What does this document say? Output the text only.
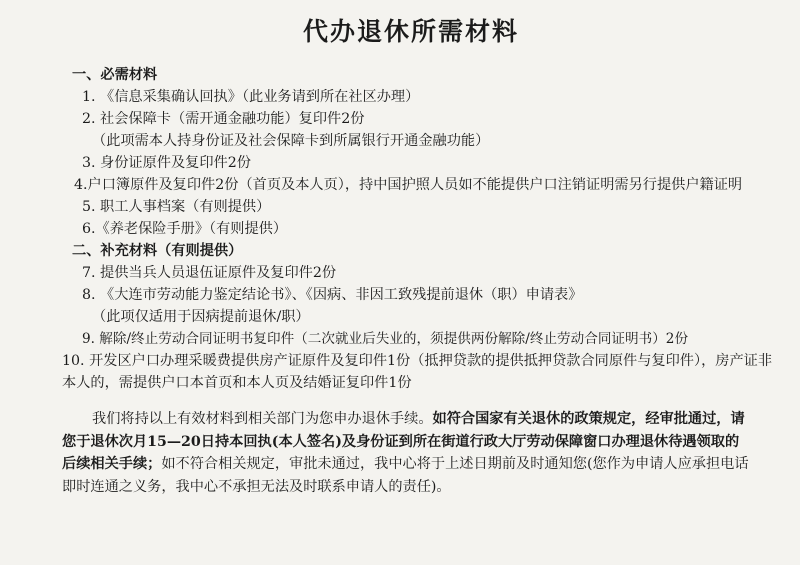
代办退休所需材料
一、必需材料
1. 《信息采集确认回执》（此业务请到所在社区办理）
2. 社会保障卡（需开通金融功能）复印件2份
（此项需本人持身份证及社会保障卡到所属银行开通金融功能）
3. 身份证原件及复印件2份
4.户口簿原件及复印件2份（首页及本人页），持中国护照人员如不能提供户口注销证明需另行提供户籍证明
5. 职工人事档案（有则提供）
6.《养老保险手册》（有则提供）
二、补充材料（有则提供）
7. 提供当兵人员退伍证原件及复印件2份
8. 《大连市劳动能力鉴定结论书》、《因病、非因工致残提前退休（职）申请表》
（此项仅适用于因病提前退休/职）
9. 解除/终止劳动合同证明书复印件（二次就业后失业的，须提供两份解除/终止劳动合同证明书）2份
10. 开发区户口办理采暖费提供房产证原件及复印件1份（抵押贷款的提供抵押贷款合同原件与复印件），房产证非本人的，需提供户口本首页和本人页及结婚证复印件1份

我们将持以上有效材料到相关部门为您申办退休手续。如符合国家有关退休的政策规定，经审批通过，请您于退休次月15—20日持本回执(本人签名)及身份证到所在街道行政大厅劳动保障窗口办理退休待遇领取的后续相关手续；如不符合相关规定，审批未通过，我中心将于上述日期前及时通知您(您作为申请人应承担电话即时连通之义务，我中心不承担无法及时联系申请人的责任)。
